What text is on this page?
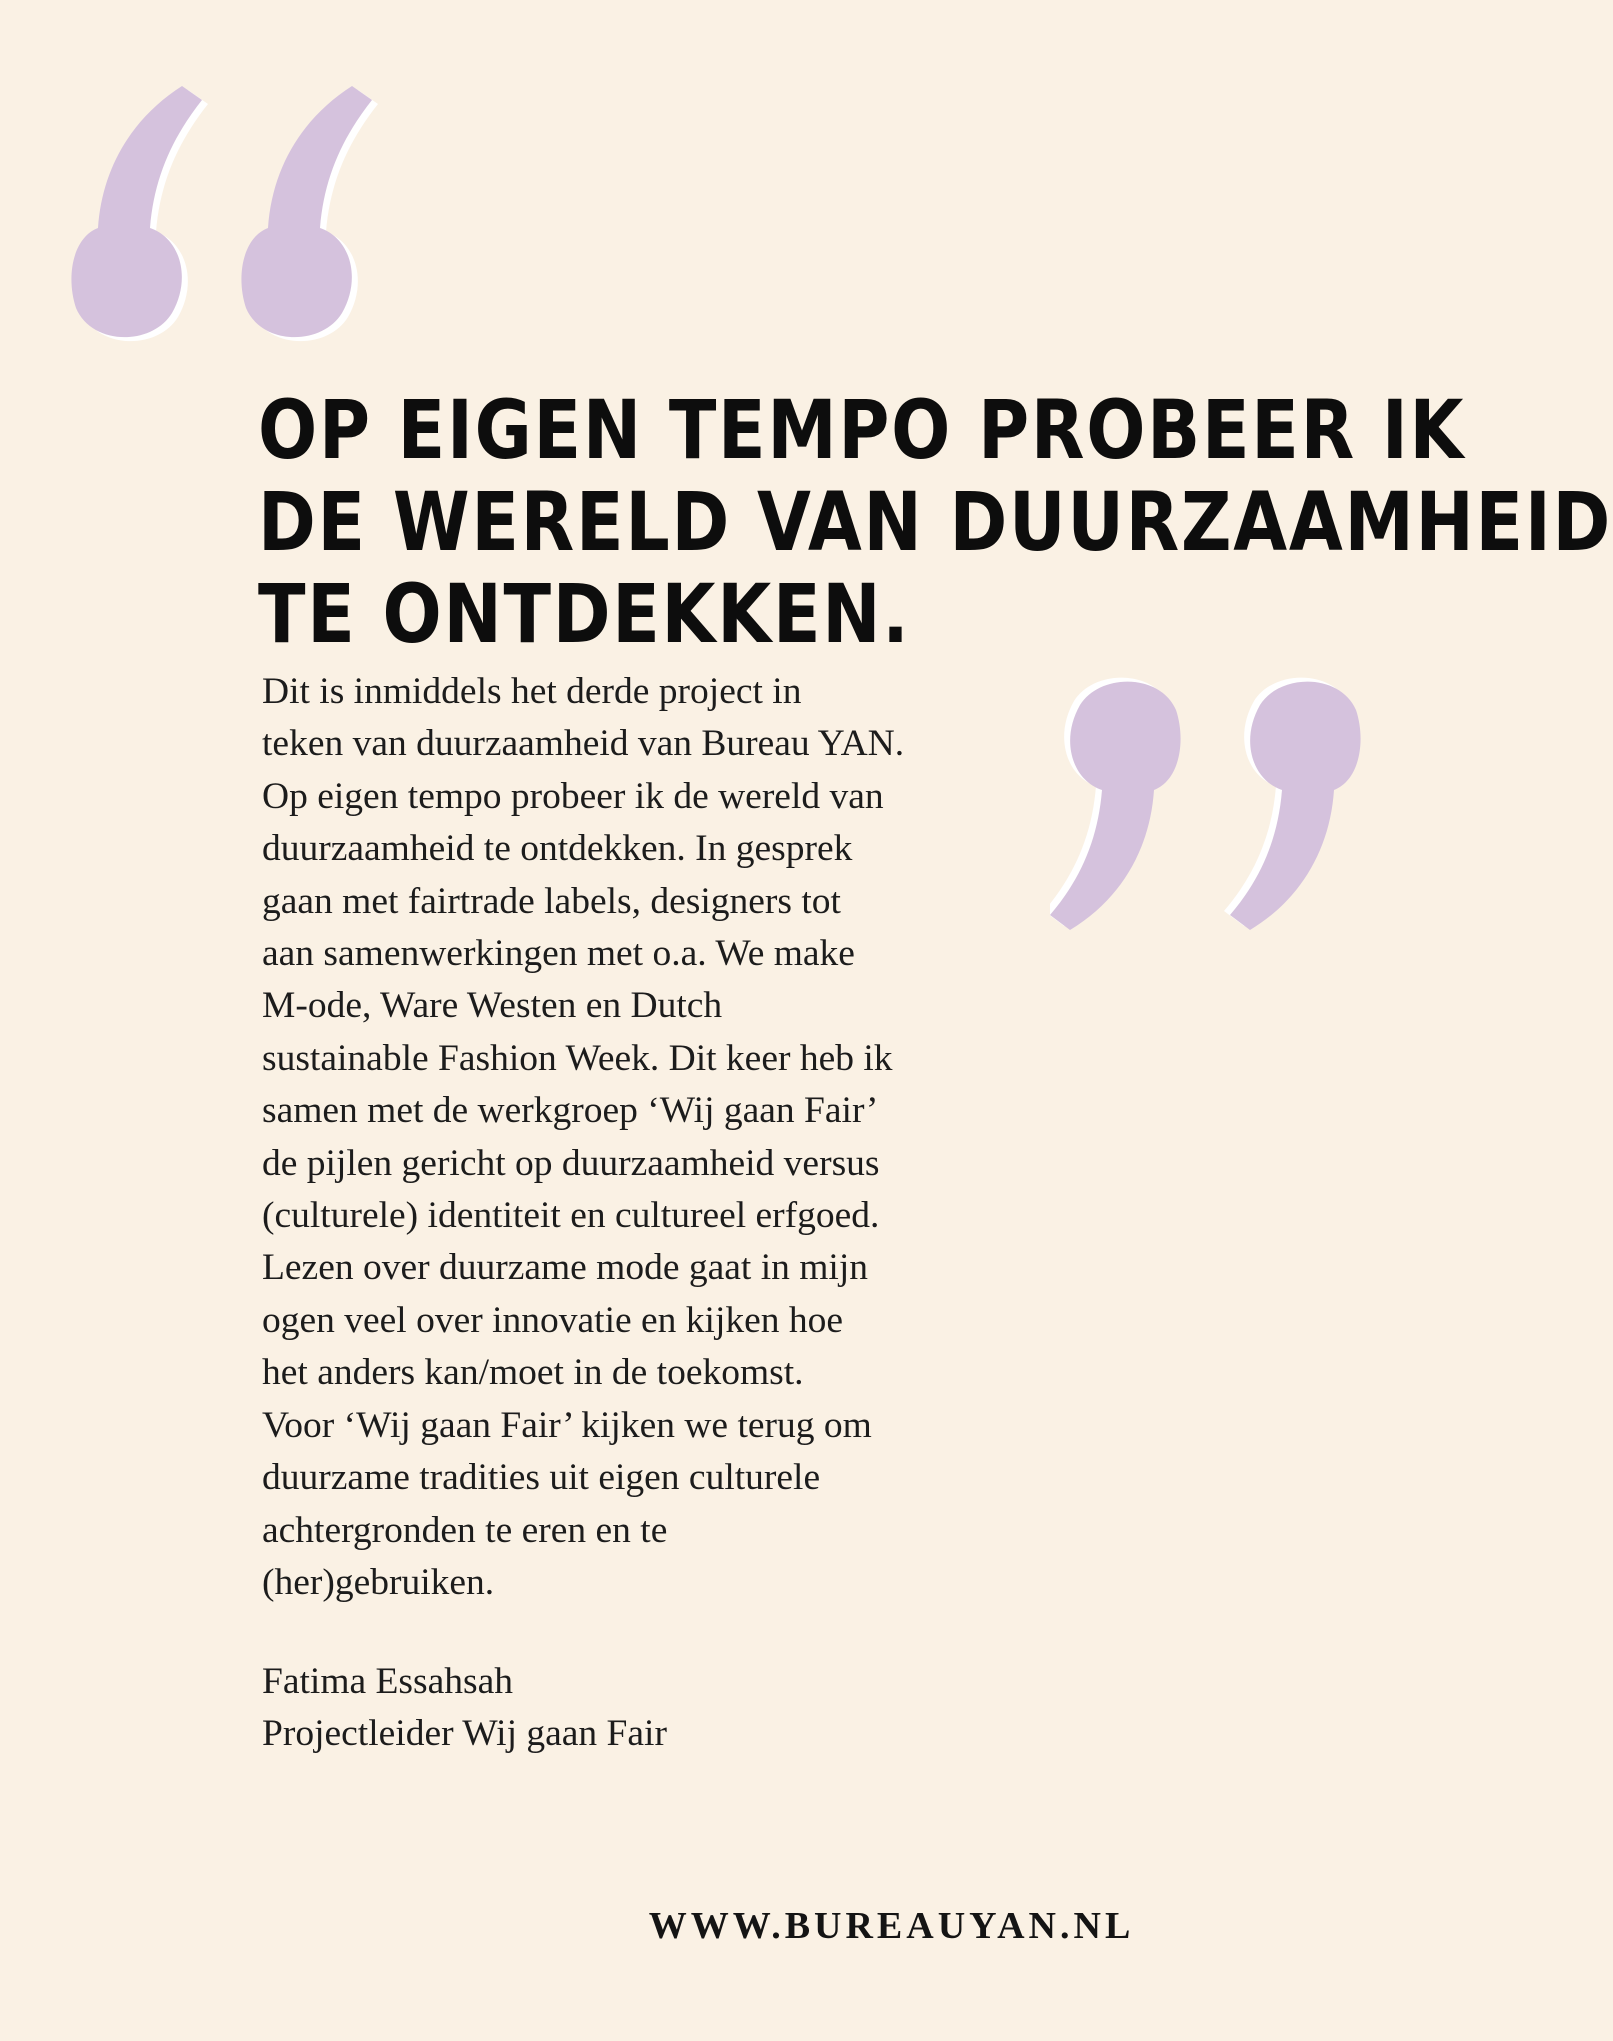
OP EIGEN TEMPO PROBEER IK
DE WERELD VAN DUURZAAMHEID
TE ONTDEKKEN.

Dit is inmiddels het derde project in
teken van duurzaamheid van Bureau YAN.
Op eigen tempo probeer ik de wereld van
duurzaamheid te ontdekken. In gesprek
gaan met fairtrade labels, designers tot
aan samenwerkingen met o.a. We make
M-ode, Ware Westen en Dutch
sustainable Fashion Week. Dit keer heb ik
samen met de werkgroep ‘Wij gaan Fair’
de pijlen gericht op duurzaamheid versus
(culturele) identiteit en cultureel erfgoed.
Lezen over duurzame mode gaat in mijn
ogen veel over innovatie en kijken hoe
het anders kan/moet in de toekomst.
Voor ‘Wij gaan Fair’ kijken we terug om
duurzame tradities uit eigen culturele
achtergronden te eren en te
(her)gebruiken.

Fatima Essahsah
Projectleider Wij gaan Fair

WWW.BUREAUYAN.NL
